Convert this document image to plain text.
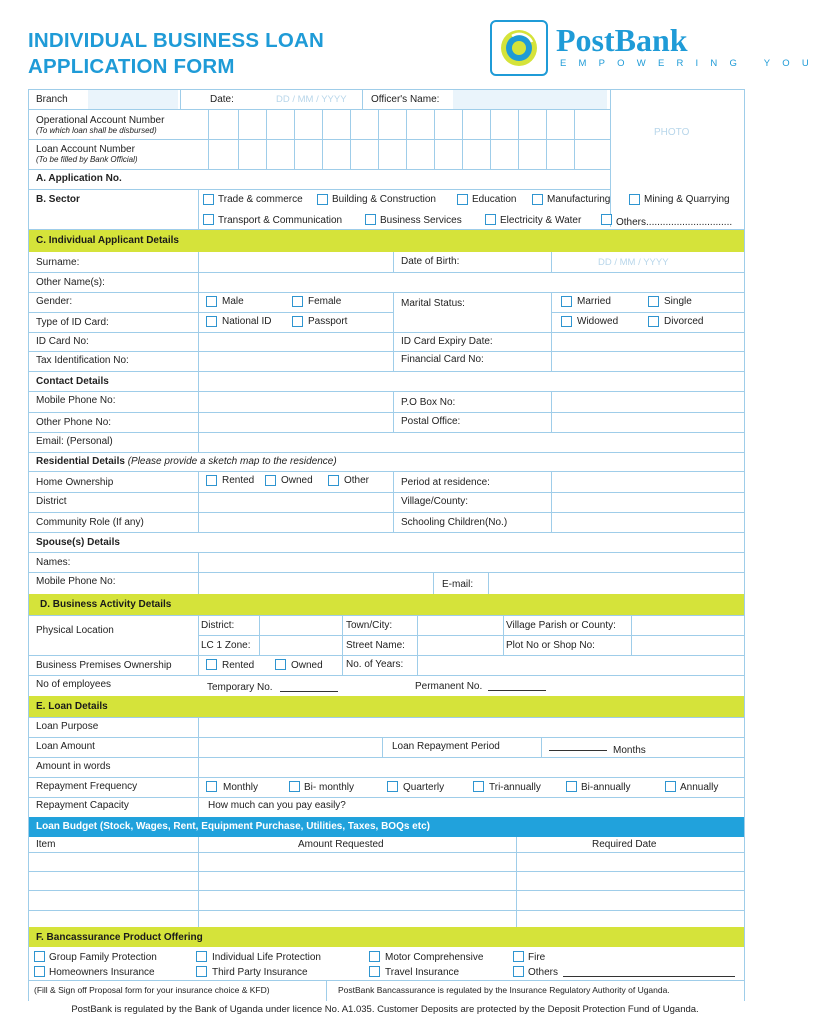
INDIVIDUAL BUSINESS LOAN
APPLICATION FORM
PostBank
EMPOWERING YOU
Branch	Date:	DD / MM / YYYY Officer's Name:
PHOTO
Operational Account Number
(To which loan shall be disbursed)
Loan Account Number
(To be filled by Bank Official)
A. Application No.
B. Sector	Trade & commerce	Building & Construction	Education	Manufacturing	Mining & Quarrying
Transport & Communication	Business Services	Electricity & Water	Others...............................
C. Individual Applicant Details
Surname:	Date of Birth:	DD / MM / YYYY
Other Name(s):
Gender:	Male	Female	Marital Status:	Married	Single
Type of ID Card:	National ID	Passport	Widowed	Divorced
ID Card No:	ID Card Expiry Date:
Tax Identification No:	Financial Card No:
Contact Details
Mobile Phone No:	P.O Box No:
Other Phone No:	Postal Office:
Email: (Personal)
Residential Details (Please provide a sketch map to the residence)
Home Ownership	Rented	Owned	Other	Period at residence:
District	Village/County:
Community Role (If any)	Schooling Children(No.)
Spouse(s) Details
Names:
Mobile Phone No:	E-mail:
D. Business Activity Details
Physical Location	District:	Town/City:	Village Parish or County:
LC 1 Zone:	Street Name:	Plot No or Shop No:
Business Premises Ownership	Rented	Owned No. of Years:
No of employees	Temporary No.	Permanent No.
E. Loan Details
Loan Purpose
Loan Amount	Loan Repayment Period	Months
Amount in words
Repayment Frequency	Monthly	Bi- monthly	Quarterly	Tri-annually	Bi-annually	Annually
Repayment Capacity	How much can you pay easily?
Loan Budget (Stock, Wages, Rent, Equipment Purchase, Utilities, Taxes, BOQs etc)
Item	Amount Requested	Required Date
F. Bancassurance Product Offering
Group Family Protection	Individual Life Protection	Motor Comprehensive	Fire
Homeowners Insurance	Third Party Insurance	Travel Insurance	Others
(Fill & Sign off Proposal form for your insurance choice & KFD)	PostBank Bancassurance is regulated by the Insurance Regulatory Authority of Uganda.
PostBank is regulated by the Bank of Uganda under licence No. A1.035. Customer Deposits are protected by the Deposit Protection Fund of Uganda.
